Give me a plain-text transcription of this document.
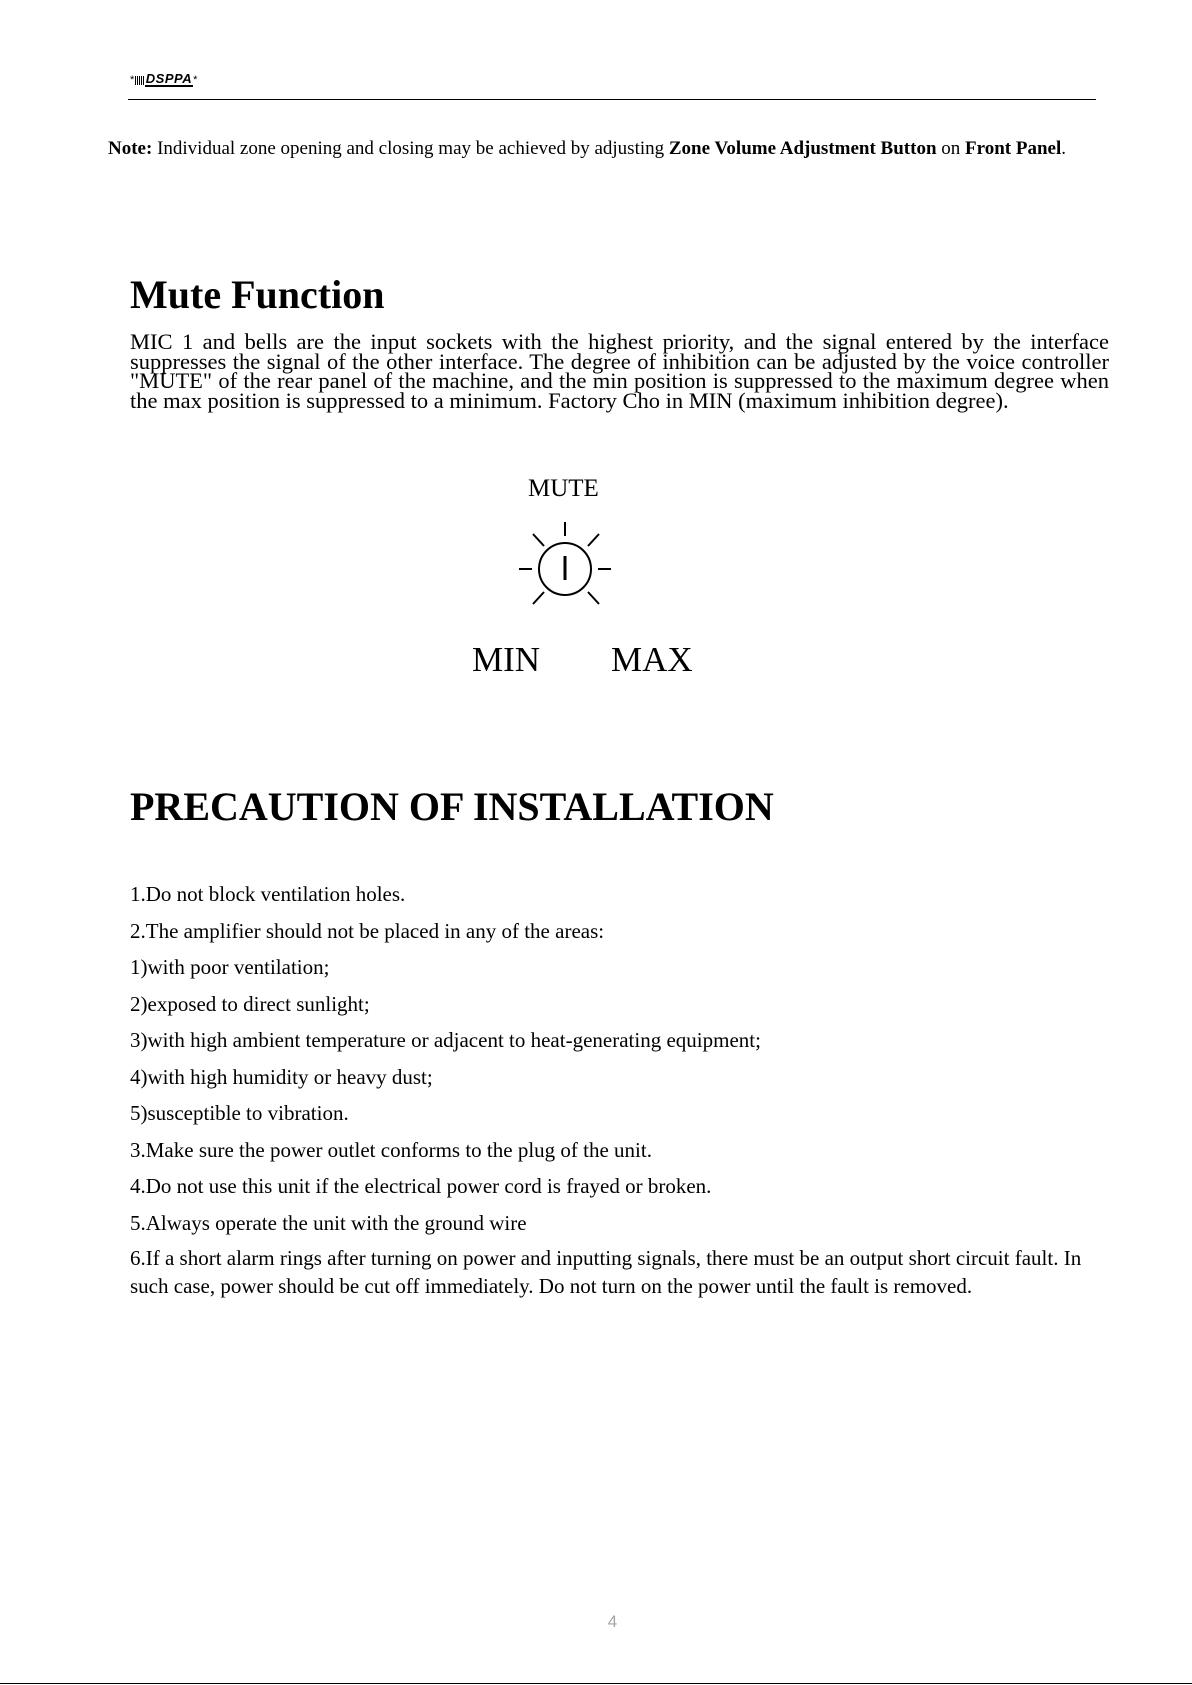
* DSPPA *

Note: Individual zone opening and closing may be achieved by adjusting Zone Volume Adjustment Button on Front Panel.

Mute Function

MIC 1 and bells are the input sockets with the highest priority, and the signal entered by the interface suppresses the signal of the other interface. The degree of inhibition can be adjusted by the voice controller "MUTE" of the rear panel of the machine, and the min position is suppressed to the maximum degree when the max position is suppressed to a minimum. Factory Cho in MIN (maximum inhibition degree).

MUTE
MIN MAX
PRECAUTION OF INSTALLATION
1.Do not block ventilation holes.
2.The amplifier should not be placed in any of the areas:
1)with poor ventilation;
2)exposed to direct sunlight;
3)with high ambient temperature or adjacent to heat-generating equipment;
4)with high humidity or heavy dust;
5)susceptible to vibration.
3.Make sure the power outlet conforms to the plug of the unit.
4.Do not use this unit if the electrical power cord is frayed or broken.
5.Always operate the unit with the ground wire
6.If a short alarm rings after turning on power and inputting signals, there must be an output short circuit fault. In such case, power should be cut off immediately. Do not turn on the power until the fault is removed.
4
